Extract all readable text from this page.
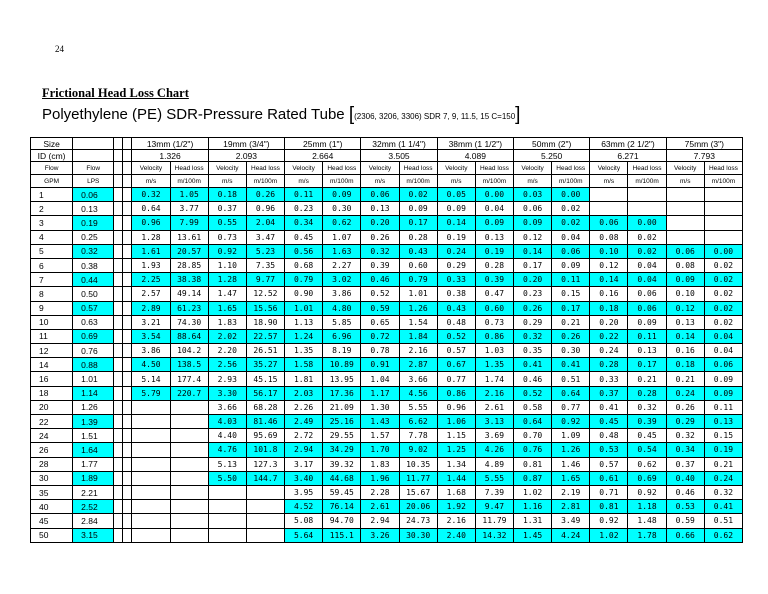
24
Frictional Head Loss Chart
Polyethylene (PE) SDR-Pressure Rated Tube [(2306, 3206, 3306) SDR 7, 9, 11.5, 15 C=150]
Size				13mm (1/2")		19mm (3/4")		25mm (1")		32mm (1 1/4")		38mm (1 1/2")		50mm (2")		63mm (2 1/2")		75mm (3")	
ID (cm)				1.326		2.093		2.664		3.505		4.089		5.250		6.271		7.793	
Flow	Flow			Velocity	Head loss	Velocity	Head loss	Velocity	Head loss	Velocity	Head loss	Velocity	Head loss	Velocity	Head loss	Velocity	Head loss	Velocity	Head loss
GPM	LPS			m/s	m/100m	m/s	m/100m	m/s	m/100m	m/s	m/100m	m/s	m/100m	m/s	m/100m	m/s	m/100m	m/s	m/100m
1	0.06			0.32	1.05	0.18	0.26	0.11	0.09	0.06	0.02	0.05	0.00	0.03	0.00				
2	0.13			0.64	3.77	0.37	0.96	0.23	0.30	0.13	0.09	0.09	0.04	0.06	0.02				
3	0.19			0.96	7.99	0.55	2.04	0.34	0.62	0.20	0.17	0.14	0.09	0.09	0.02	0.06	0.00		
4	0.25			1.28	13.61	0.73	3.47	0.45	1.07	0.26	0.28	0.19	0.13	0.12	0.04	0.08	0.02		
5	0.32			1.61	20.57	0.92	5.23	0.56	1.63	0.32	0.43	0.24	0.19	0.14	0.06	0.10	0.02	0.06	0.00
6	0.38			1.93	28.85	1.10	7.35	0.68	2.27	0.39	0.60	0.29	0.28	0.17	0.09	0.12	0.04	0.08	0.02
7	0.44			2.25	38.38	1.28	9.77	0.79	3.02	0.46	0.79	0.33	0.39	0.20	0.11	0.14	0.04	0.09	0.02
8	0.50			2.57	49.14	1.47	12.52	0.90	3.86	0.52	1.01	0.38	0.47	0.23	0.15	0.16	0.06	0.10	0.02
9	0.57			2.89	61.23	1.65	15.56	1.01	4.80	0.59	1.26	0.43	0.60	0.26	0.17	0.18	0.06	0.12	0.02
10	0.63			3.21	74.30	1.83	18.90	1.13	5.85	0.65	1.54	0.48	0.73	0.29	0.21	0.20	0.09	0.13	0.02
11	0.69			3.54	88.64	2.02	22.57	1.24	6.96	0.72	1.84	0.52	0.86	0.32	0.26	0.22	0.11	0.14	0.04
12	0.76			3.86	104.2	2.20	26.51	1.35	8.19	0.78	2.16	0.57	1.03	0.35	0.30	0.24	0.13	0.16	0.04
14	0.88			4.50	138.5	2.56	35.27	1.58	10.89	0.91	2.87	0.67	1.35	0.41	0.41	0.28	0.17	0.18	0.06
16	1.01			5.14	177.4	2.93	45.15	1.81	13.95	1.04	3.66	0.77	1.74	0.46	0.51	0.33	0.21	0.21	0.09
18	1.14			5.79	220.7	3.30	56.17	2.03	17.36	1.17	4.56	0.86	2.16	0.52	0.64	0.37	0.28	0.24	0.09
20	1.26					3.66	68.28	2.26	21.09	1.30	5.55	0.96	2.61	0.58	0.77	0.41	0.32	0.26	0.11
22	1.39					4.03	81.46	2.49	25.16	1.43	6.62	1.06	3.13	0.64	0.92	0.45	0.39	0.29	0.13
24	1.51					4.40	95.69	2.72	29.55	1.57	7.78	1.15	3.69	0.70	1.09	0.48	0.45	0.32	0.15
26	1.64					4.76	101.8	2.94	34.29	1.70	9.02	1.25	4.26	0.76	1.26	0.53	0.54	0.34	0.19
28	1.77					5.13	127.3	3.17	39.32	1.83	10.35	1.34	4.89	0.81	1.46	0.57	0.62	0.37	0.21
30	1.89					5.50	144.7	3.40	44.68	1.96	11.77	1.44	5.55	0.87	1.65	0.61	0.69	0.40	0.24
35	2.21							3.95	59.45	2.28	15.67	1.68	7.39	1.02	2.19	0.71	0.92	0.46	0.32
40	2.52							4.52	76.14	2.61	20.06	1.92	9.47	1.16	2.81	0.81	1.18	0.53	0.41
45	2.84							5.08	94.70	2.94	24.73	2.16	11.79	1.31	3.49	0.92	1.48	0.59	0.51
50	3.15							5.64	115.1	3.26	30.30	2.40	14.32	1.45	4.24	1.02	1.78	0.66	0.62
